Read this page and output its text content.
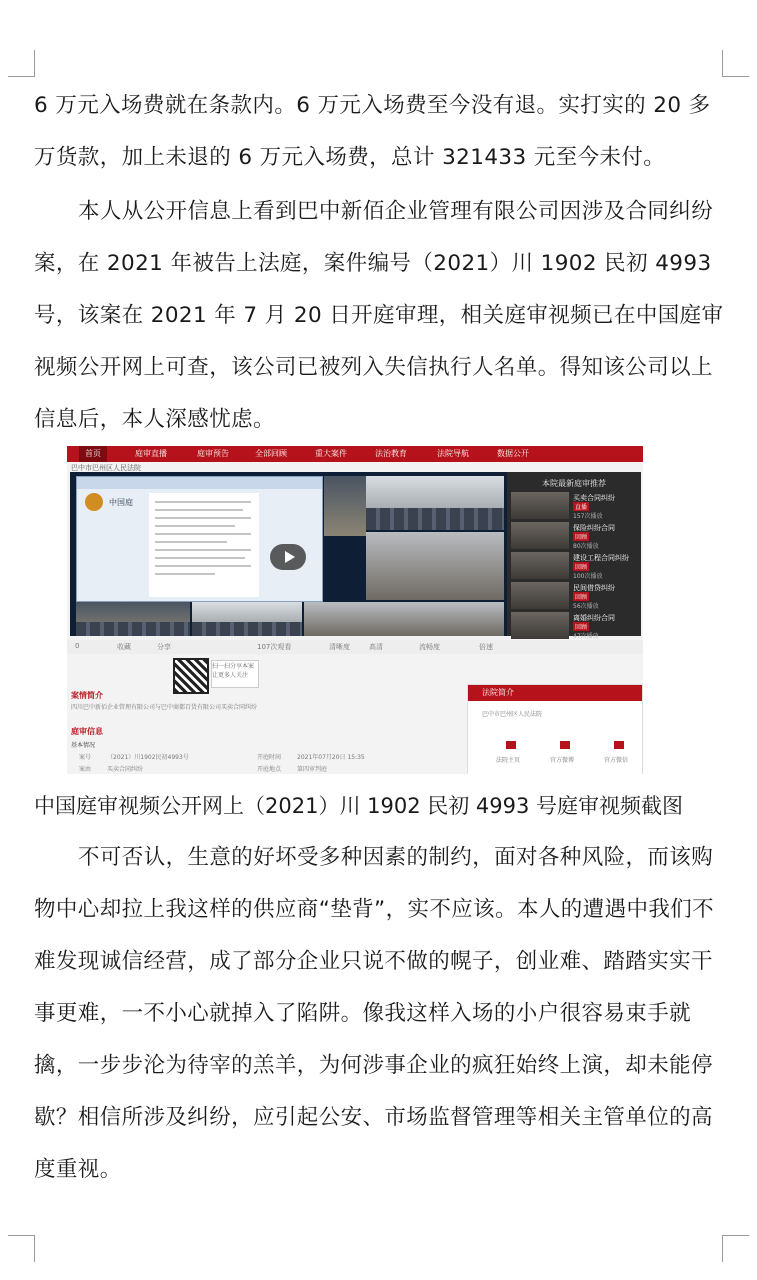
6 万元入场费就在条款内。6 万元入场费至今没有退。实打实的 20 多万货款，加上未退的 6 万元入场费，总计 321433 元至今未付。

本人从公开信息上看到巴中新佰企业管理有限公司因涉及合同纠纷案，在 2021 年被告上法庭，案件编号（2021）川 1902 民初 4993 号，该案在 2021 年 7 月 20 日开庭审理，相关庭审视频已在中国庭审视频公开网上可查，该公司已被列入失信执行人名单。得知该公司以上信息后，本人深感忧虑。

首页	庭审直播	庭审预告	全部回顾	重大案件	法治教育	法院导航	数据公开
巴中市巴州区人民法院
中国庭
本院最新庭审推荐
买卖合同纠纷
直播
157次播放
保险纠纷合同
回顾
80次播放
建设工程合同纠纷
回顾
100次播放
民间借贷纠纷
回顾
56次播放
离婚纠纷合同
回顾
47次播放
0	收藏	分享	107次观看	清晰度	高清	流畅度	倍速
扫一扫分享本案 让更多人关注
案情简介
四川巴中新佰企业管理有限公司与巴中商都百货有限公司买卖合同纠纷
庭审信息
基本情况
案号	（2021）川1902民初4993号	开庭时间	2021年07月20日 15:35
案由	买卖合同纠纷	开庭地点	第四审判庭
法院简介
巴中市巴州区人民法院
法院主页	官方微博	官方微信

中国庭审视频公开网上（2021）川 1902 民初 4993 号庭审视频截图

不可否认，生意的好坏受多种因素的制约，面对各种风险，而该购物中心却拉上我这样的供应商“垫背”，实不应该。本人的遭遇中我们不难发现诚信经营，成了部分企业只说不做的幌子，创业难、踏踏实实干事更难，一不小心就掉入了陷阱。像我这样入场的小户很容易束手就擒，一步步沦为待宰的羔羊，为何涉事企业的疯狂始终上演，却未能停歇？相信所涉及纠纷，应引起公安、市场监督管理等相关主管单位的高度重视。
